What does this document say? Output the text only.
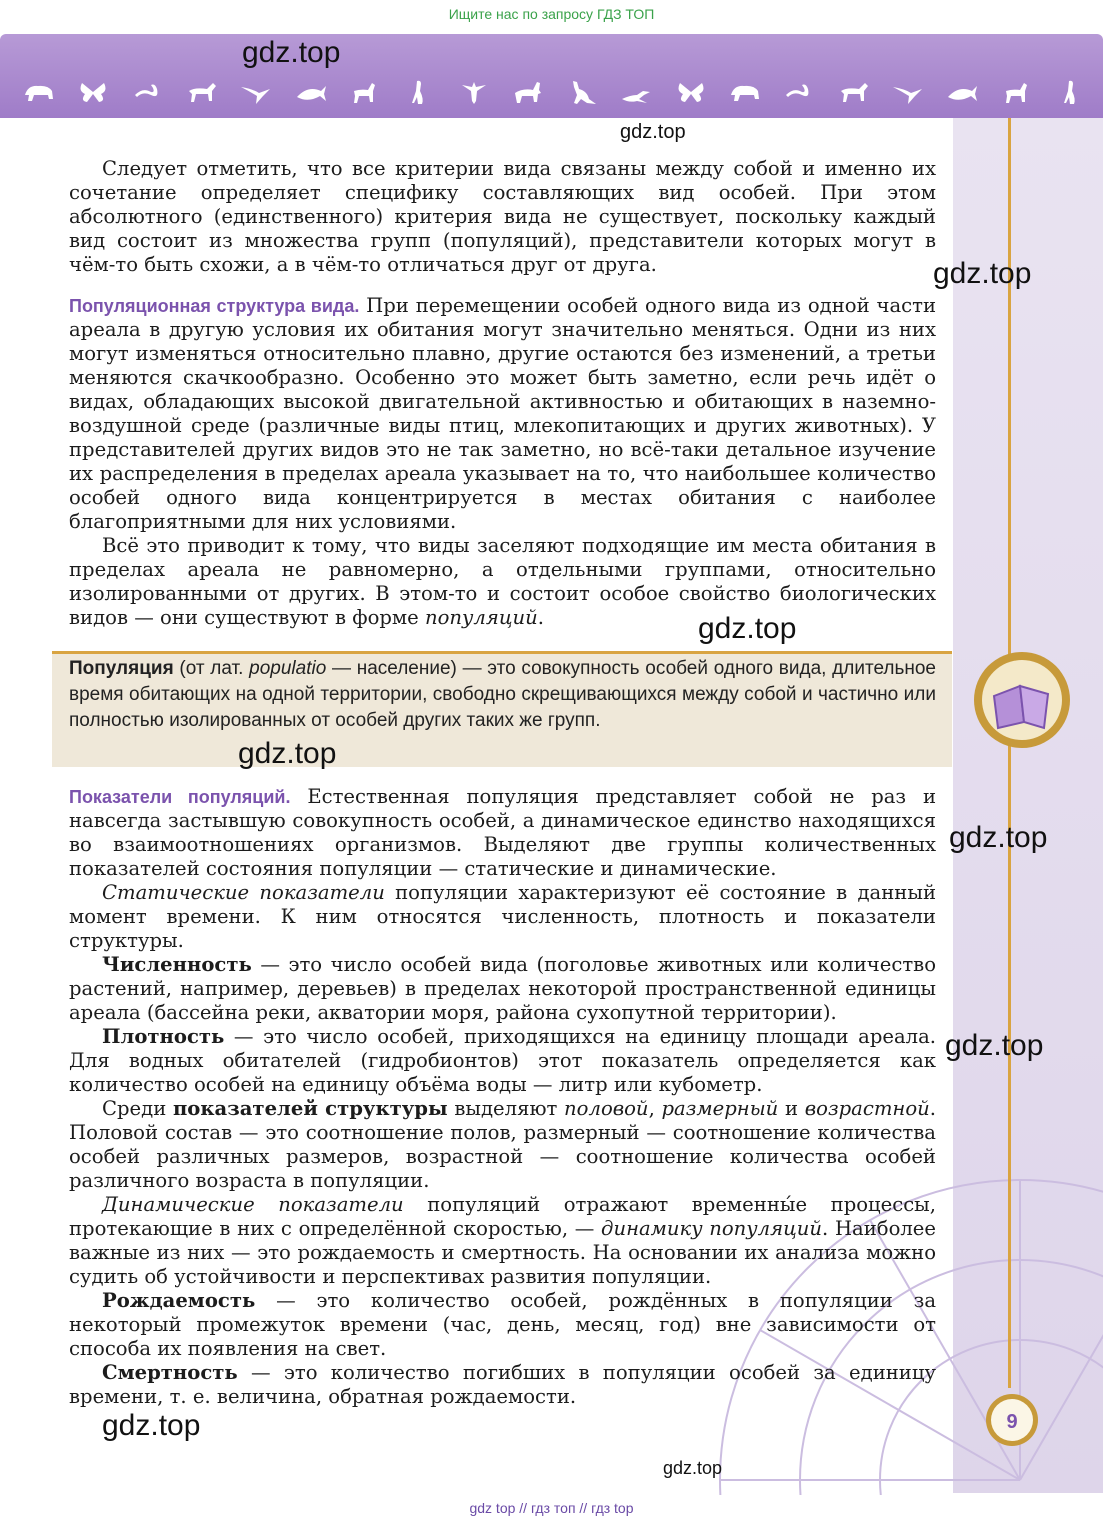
Ищите нас по запросу ГДЗ ТОП
gdz.top
gdz.top
gdz.top

Следует отметить, что все критерии вида связаны между собой и именно их сочетание определяет специфику составляющих вид особей. При этом абсолютного (единственного) критерия вида не существует, поскольку каждый вид состоит из множества групп (популяций), представители которых могут в чём-то быть схожи, а в чём-то отличаться друг от друга.

Популяционная структура вида. При перемещении особей одного вида из одной части ареала в другую условия их обитания могут значительно меняться. Одни из них могут изменяться относительно плавно, другие остаются без изменений, а третьи меняются скачкообразно. Особенно это может быть заметно, если речь идёт о видах, обладающих высокой двигательной активностью и обитающих в наземно-воздушной среде (различные виды птиц, млекопитающих и других животных). У представителей других видов это не так заметно, но всё-таки детальное изучение их распределения в пределах ареала указывает на то, что наибольшее количество особей одного вида концентрируется в местах обитания с наиболее благоприятными для них условиями.

Всё это приводит к тому, что виды заселяют подходящие им места обитания в пределах ареала не равномерно, а отдельными группами, относительно изолированными от других. В этом-то и состоит особое свойство биологических видов — они существуют в форме популяций.	gdz.top
Популяция (от лат. populatio — население) — это совокупность особей одного вида, длительное время обитающих на одной территории, свободно скрещивающихся между собой и частично или полностью изолированных от особей других таких же групп.
gdz.top

Показатели популяций. Естественная популяция представляет собой не раз и навсегда застывшую совокупность особей, а динамическое единство находящихся во взаимоотношениях организмов. Выделяют две группы количественных показателей состояния популяции — статические и динамические.

Статические показатели популяции характеризуют её состояние в данный момент времени. К ним относятся численность, плотность и показатели структуры.

Численность — это число особей вида (поголовье животных или количество растений, например, деревьев) в пределах некоторой пространственной единицы ареала (бассейна реки, акватории моря, района сухопутной территории).

Плотность — это число особей, приходящихся на единицу площади ареала. Для водных обитателей (гидробионтов) этот показатель определяется как количество особей на единицу объёма воды — литр или кубометр.

Среди показателей структуры выделяют половой, размерный и возрастной. Половой состав — это соотношение полов, размерный — соотношение количества особей различных размеров, возрастной — соотношение количества особей различного возраста в популяции.

Динамические показатели популяций отражают временны́е процессы, протекающие в них с определённой скоростью, — динамику популяций. Наиболее важные из них — это рождаемость и смертность. На основании их анализа можно судить об устойчивости и перспективах развития популяции.

Рождаемость — это количество особей, рождённых в популяции за некоторый промежуток времени (час, день, месяц, год) вне зависимости от способа их появления на свет.

Смертность — это количество погибших в популяции особей за единицу времени, т. е. величина, обратная рождаемости.

gdz.top
gdz.top
gdz.top
gdz.top
9
gdz top // гдз топ // гдз top
